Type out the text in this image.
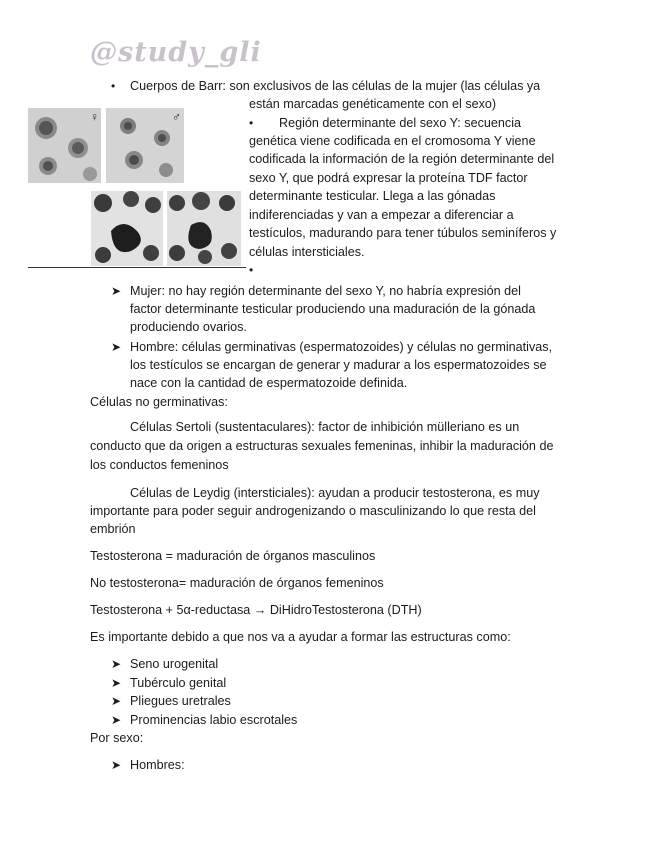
@study_gli
• Cuerpos de Barr: son exclusivos de las células de la mujer (las células ya
están marcadas genéticamente con el sexo)
♀	♂	• Región determinante del sexo Y: secuencia
genética viene codificada en el cromosoma Y viene
codificada la información de la región determinante del
sexo Y, que podrá expresar la proteína TDF factor
determinante testicular. Llega a las gónadas
indiferenciadas y van a empezar a diferenciar a
testículos, madurando para tener túbulos seminíferos y
células intersticiales.
•
➤ Mujer: no hay región determinante del sexo Y, no habría expresión del
factor determinante testicular produciendo una maduración de la gónada
produciendo ovarios.
➤ Hombre: células germinativas (espermatozoides) y células no germinativas,
los testículos se encargan de generar y madurar a los espermatozoides se
nace con la cantidad de espermatozoide definida.
Células no germinativas:
Células Sertoli (sustentaculares): factor de inhibición mülleriano es un
conducto que da origen a estructuras sexuales femeninas, inhibir la maduración de
los conductos femeninos
Células de Leydig (intersticiales): ayudan a producir testosterona, es muy
importante para poder seguir androgenizando o masculinizando lo que resta del
embrión
Testosterona = maduración de órganos masculinos
No testosterona= maduración de órganos femeninos
Testosterona + 5α-reductasa → DiHidroTestosterona (DTH)
Es importante debido a que nos va a ayudar a formar las estructuras como:
➤ Seno urogenital
➤ Tubérculo genital
➤ Pliegues uretrales
➤ Prominencias labio escrotales
Por sexo:
➤ Hombres:
